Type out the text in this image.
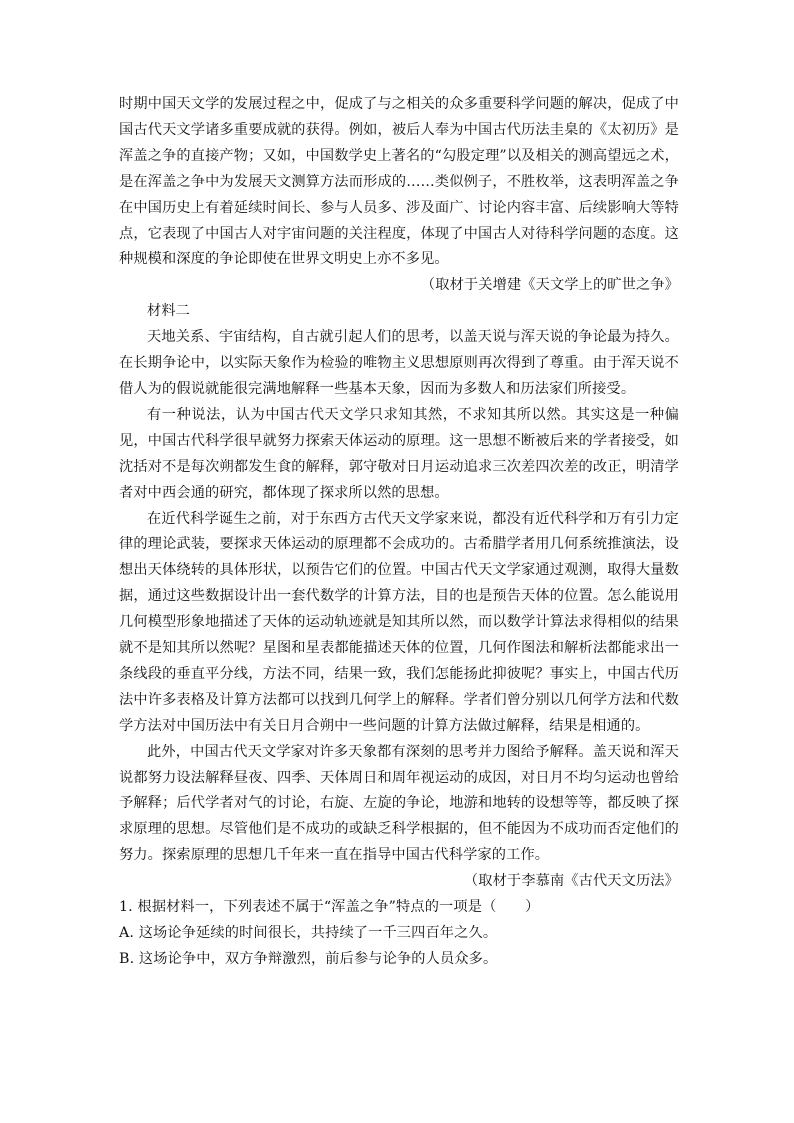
时期中国天文学的发展过程之中，促成了与之相关的众多重要科学问题的解决，促成了中国古代天文学诸多重要成就的获得。例如，被后人奉为中国古代历法圭臬的《太初历》是浑盖之争的直接产物；又如，中国数学史上著名的“勾股定理”以及相关的测高望远之术，是在浑盖之争中为发展天文测算方法而形成的……类似例子，不胜枚举，这表明浑盖之争在中国历史上有着延续时间长、参与人员多、涉及面广、讨论内容丰富、后续影响大等特点，它表现了中国古人对宇宙问题的关注程度，体现了中国古人对待科学问题的态度。这种规模和深度的争论即使在世界文明史上亦不多见。

（取材于关增建《天文学上的旷世之争》

材料二

天地关系、宇宙结构，自古就引起人们的思考，以盖天说与浑天说的争论最为持久。在长期争论中，以实际天象作为检验的唯物主义思想原则再次得到了尊重。由于浑天说不借人为的假说就能很完满地解释一些基本天象，因而为多数人和历法家们所接受。

有一种说法，认为中国古代天文学只求知其然，不求知其所以然。其实这是一种偏见，中国古代科学很早就努力探索天体运动的原理。这一思想不断被后来的学者接受，如沈括对不是每次朔都发生食的解释，郭守敬对日月运动追求三次差四次差的改正，明清学者对中西会通的研究，都体现了探求所以然的思想。

在近代科学诞生之前，对于东西方古代天文学家来说，都没有近代科学和万有引力定律的理论武装，要探求天体运动的原理都不会成功的。古希腊学者用几何系统推演法，设想出天体绕转的具体形状，以预告它们的位置。中国古代天文学家通过观测，取得大量数据，通过这些数据设计出一套代数学的计算方法，目的也是预告天体的位置。怎么能说用几何模型形象地描述了天体的运动轨迹就是知其所以然，而以数学计算法求得相似的结果就不是知其所以然呢？星图和星表都能描述天体的位置，几何作图法和解析法都能求出一条线段的垂直平分线，方法不同，结果一致，我们怎能扬此抑彼呢？事实上，中国古代历法中许多表格及计算方法都可以找到几何学上的解释。学者们曾分别以几何学方法和代数学方法对中国历法中有关日月合朔中一些问题的计算方法做过解释，结果是相通的。

此外，中国古代天文学家对许多天象都有深刻的思考并力图给予解释。盖天说和浑天说都努力设法解释昼夜、四季、天体周日和周年视运动的成因，对日月不均匀运动也曾给予解释；后代学者对气的讨论，右旋、左旋的争论，地游和地转的设想等等，都反映了探求原理的思想。尽管他们是不成功的或缺乏科学根据的，但不能因为不成功而否定他们的努力。探索原理的思想几千年来一直在指导中国古代科学家的工作。

（取材于李慕南《古代天文历法》

1. 根据材料一，下列表述不属于“浑盖之争”特点的一项是（　　）

A. 这场论争延续的时间很长，共持续了一千三四百年之久。

B. 这场论争中，双方争辩激烈，前后参与论争的人员众多。
